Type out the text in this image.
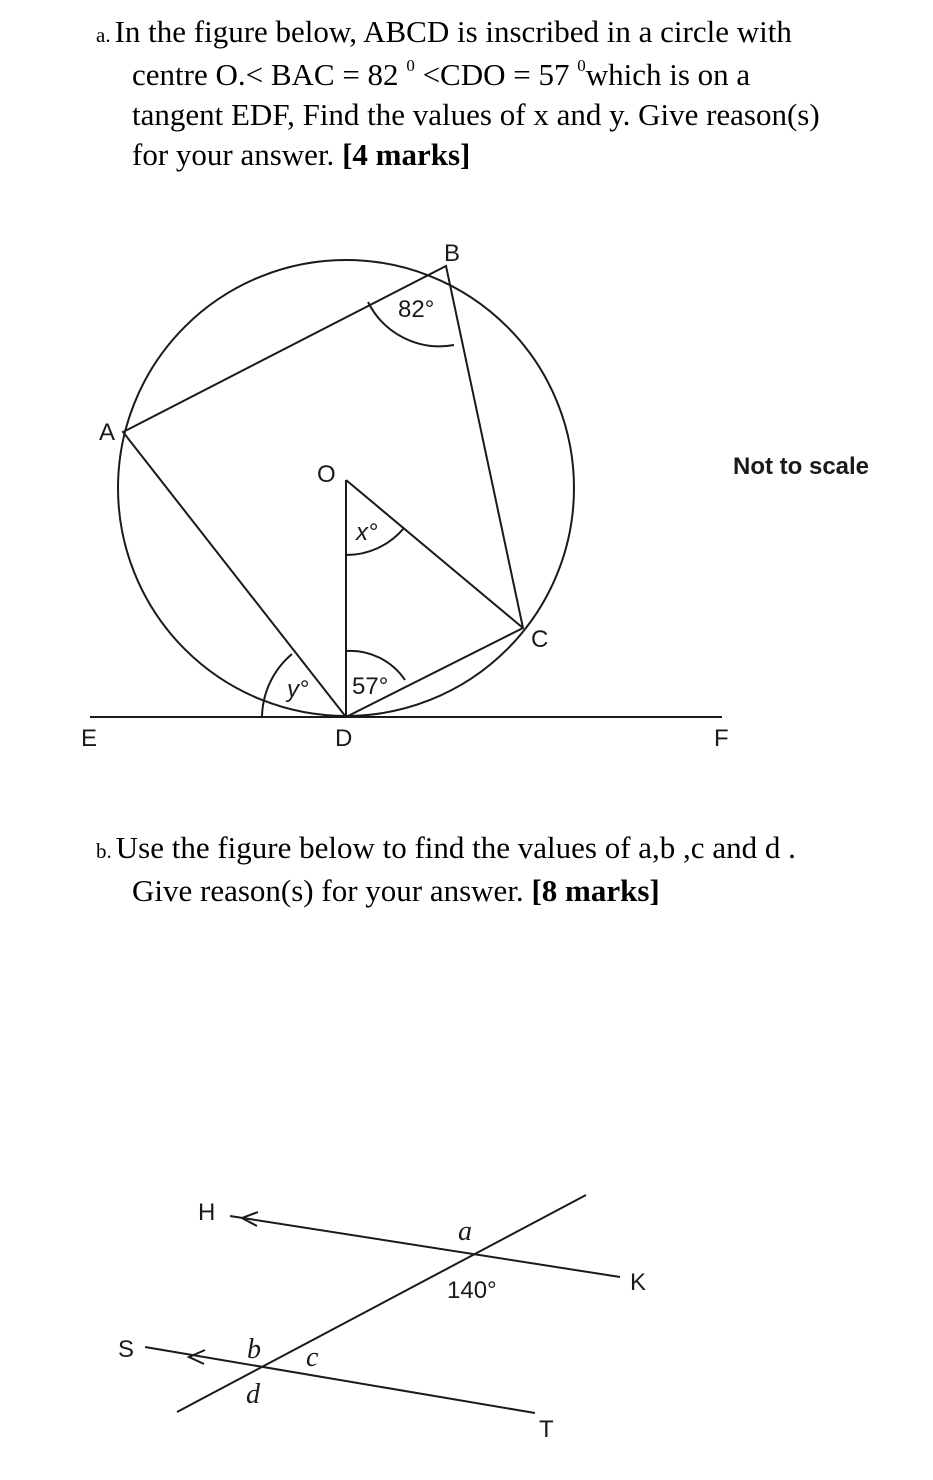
a. In the figure below, ABCD is inscribed in a circle with
centre O.< BAC = 82 $^0$ <CDO = 57 $^0$which is on a
tangent EDF, Find the values of x and y. Give reason(s)
for your answer. [4 marks]
A
B
C
D
E	F
O
82°
x°
y° 57°
Not to scale
H
K
S
T
a
140°
b c
d
b. Use the figure below to find the values of a,b ,c and d .
Give reason(s) for your answer. [8 marks]
